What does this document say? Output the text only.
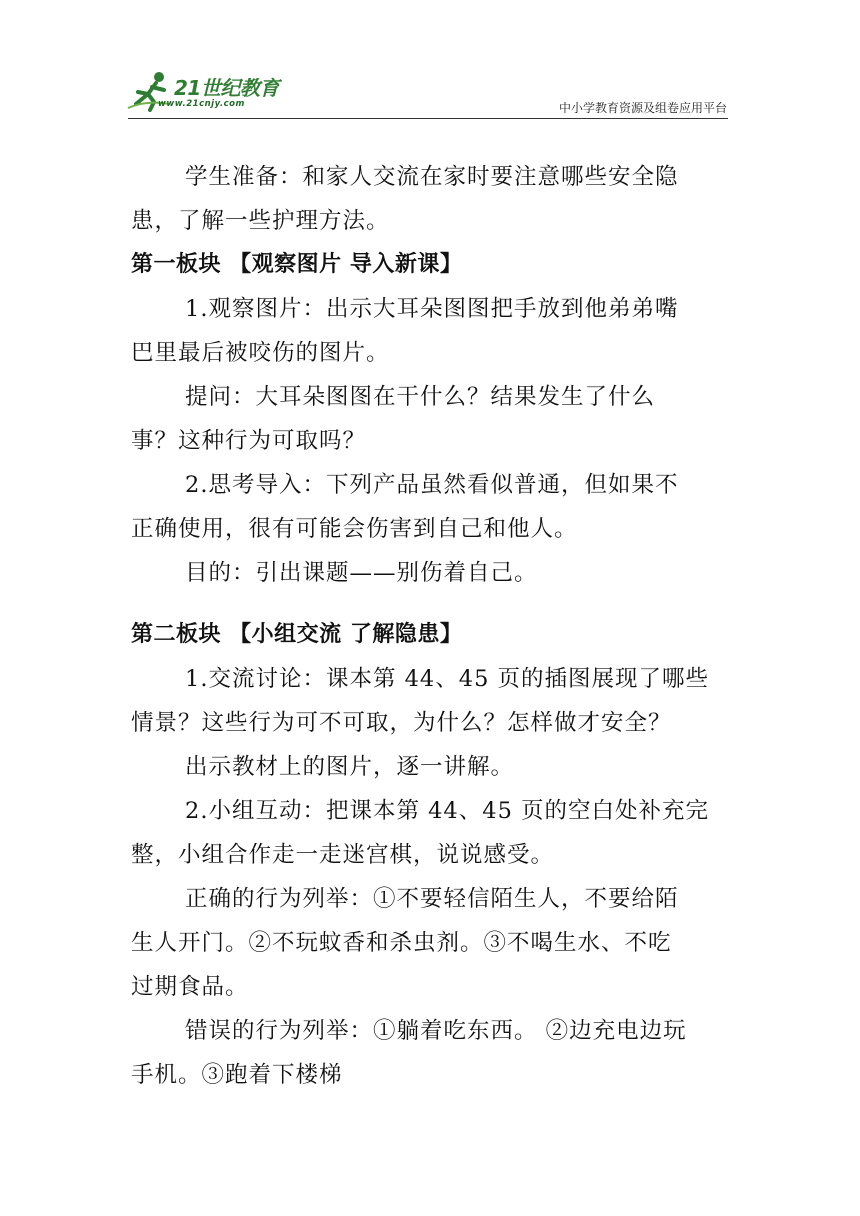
21世纪教育
www.21cnjy.com	中小学教育资源及组卷应用平台
学生准备：和家人交流在家时要注意哪些安全隐
患，了解一些护理方法。
第一板块 【观察图片 导入新课】
1.观察图片：出示大耳朵图图把手放到他弟弟嘴
巴里最后被咬伤的图片。
提问：大耳朵图图在干什么？结果发生了什么
事？这种行为可取吗？
2.思考导入：下列产品虽然看似普通，但如果不
正确使用，很有可能会伤害到自己和他人。
目的：引出课题——别伤着自己。
第二板块 【小组交流 了解隐患】
1.交流讨论：课本第 44、45 页的插图展现了哪些
情景？这些行为可不可取，为什么？怎样做才安全？
出示教材上的图片，逐一讲解。
2.小组互动：把课本第 44、45 页的空白处补充完
整，小组合作走一走迷宫棋，说说感受。
正确的行为列举：①不要轻信陌生人，不要给陌
生人开门。②不玩蚊香和杀虫剂。③不喝生水、不吃
过期食品。
错误的行为列举：①躺着吃东西。 ②边充电边玩
手机。③跑着下楼梯
